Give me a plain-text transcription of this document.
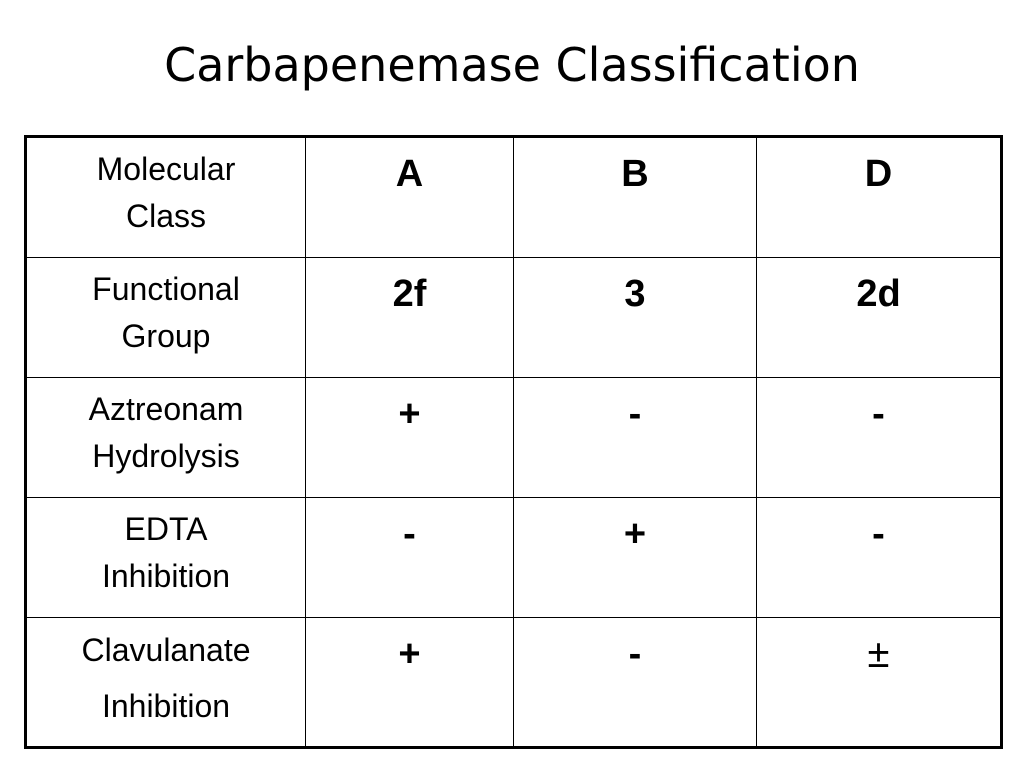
Carbapenemase Classification
Molecular
Class	A	B	D
Functional
Group	2f	3	2d
Aztreonam
Hydrolysis	+	-	-
EDTA
Inhibition	-	+	-
Clavulanate
Inhibition	+	-	±
